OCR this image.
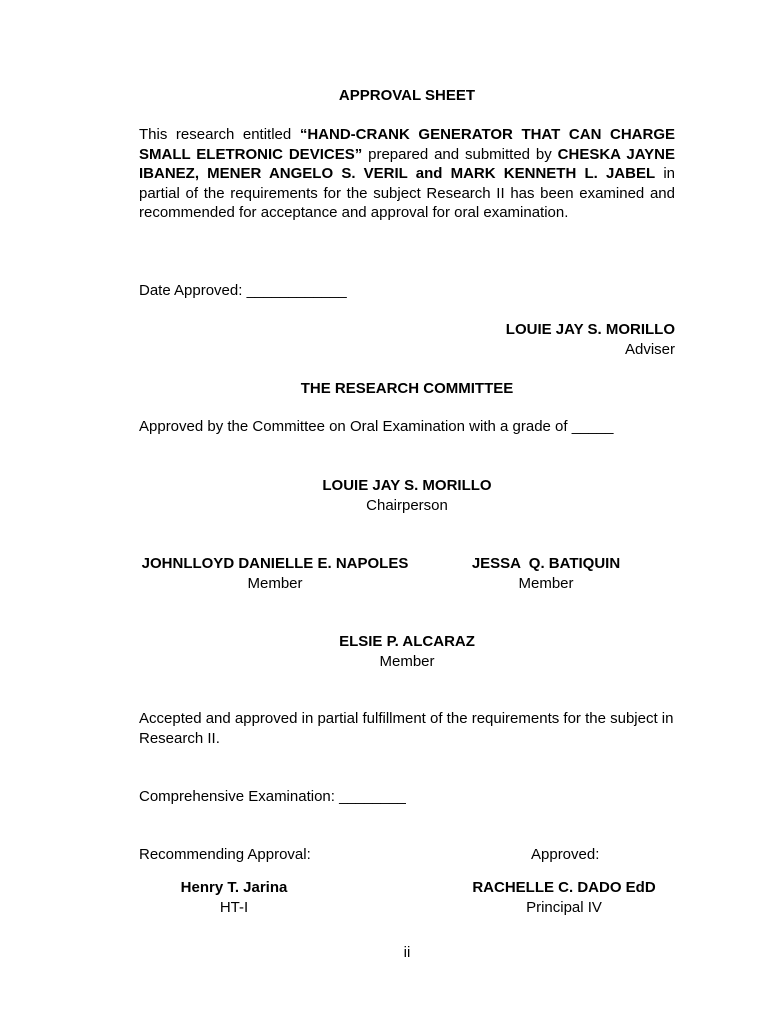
APPROVAL SHEET
This research entitled “HAND-CRANK GENERATOR THAT CAN CHARGE SMALL ELETRONIC DEVICES” prepared and submitted by CHESKA JAYNE IBANEZ, MENER ANGELO S. VERIL and MARK KENNETH L. JABEL in partial of the requirements for the subject Research II has been examined and recommended for acceptance and approval for oral examination.
Date Approved: ____________
LOUIE JAY S. MORILLO
Adviser
THE RESEARCH COMMITTEE
Approved by the Committee on Oral Examination with a grade of _____
LOUIE JAY S. MORILLO
Chairperson
JOHNLLOYD DANIELLE E. NAPOLES
Member
JESSA  Q. BATIQUIN
Member
ELSIE P. ALCARAZ
Member
Accepted and approved in partial fulfillment of the requirements for the subject in Research II.
Comprehensive Examination: ________
Recommending Approval:	Approved:
Henry T. Jarina
HT-I
RACHELLE C. DADO EdD
Principal IV
ii
